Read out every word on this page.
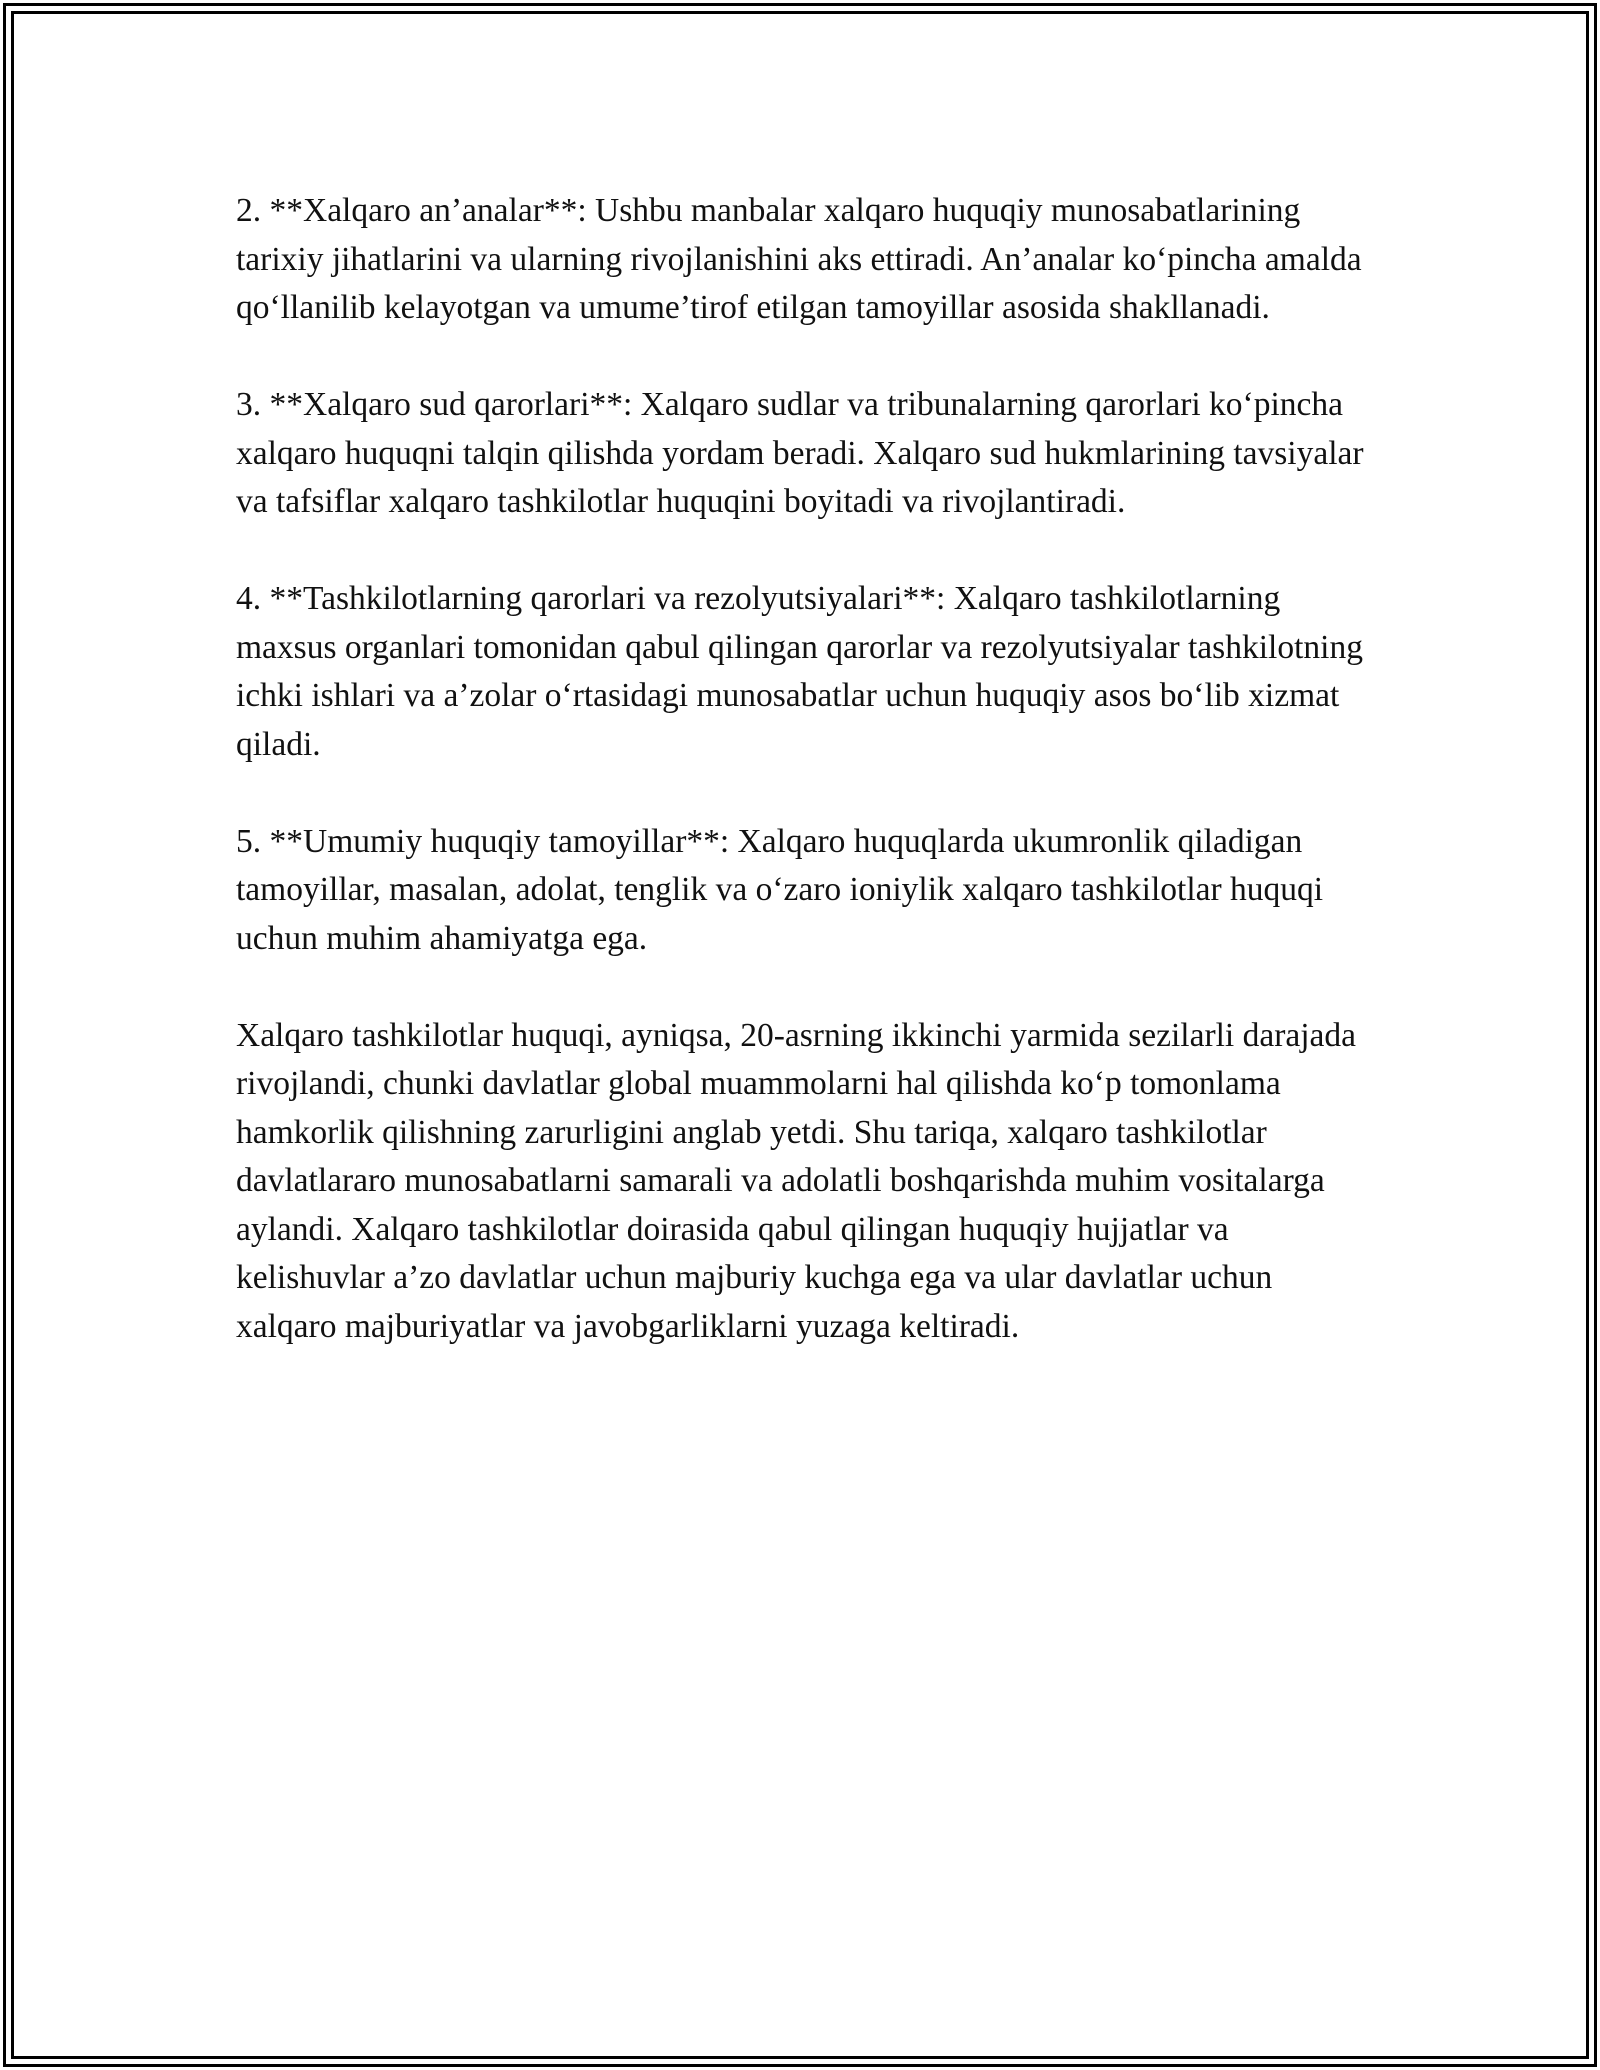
2. **Xalqaro an’analar**: Ushbu manbalar xalqaro huquqiy munosabatlarining tarixiy jihatlarini va ularning rivojlanishini aks ettiradi. An’analar ko‘pincha amalda qo‘llanilib kelayotgan va umume’tirof etilgan tamoyillar asosida shakllanadi.

3. **Xalqaro sud qarorlari**: Xalqaro sudlar va tribunalarning qarorlari ko‘pincha xalqaro huquqni talqin qilishda yordam beradi. Xalqaro sud hukmlarining tavsiyalar va tafsiflar xalqaro tashkilotlar huquqini boyitadi va rivojlantiradi.

4. **Tashkilotlarning qarorlari va rezolyutsiyalari**: Xalqaro tashkilotlarning maxsus organlari tomonidan qabul qilingan qarorlar va rezolyutsiyalar tashkilotning ichki ishlari va a’zolar o‘rtasidagi munosabatlar uchun huquqiy asos bo‘lib xizmat qiladi.

5. **Umumiy huquqiy tamoyillar**: Xalqaro huquqlarda ukumronlik qiladigan tamoyillar, masalan, adolat, tenglik va o‘zaro ioniylik xalqaro tashkilotlar huquqi uchun muhim ahamiyatga ega.

Xalqaro tashkilotlar huquqi, ayniqsa, 20-asrning ikkinchi yarmida sezilarli darajada rivojlandi, chunki davlatlar global muammolarni hal qilishda ko‘p tomonlama hamkorlik qilishning zarurligini anglab yetdi. Shu tariqa, xalqaro tashkilotlar davlatlararo munosabatlarni samarali va adolatli boshqarishda muhim vositalarga aylandi. Xalqaro tashkilotlar doirasida qabul qilingan huquqiy hujjatlar va kelishuvlar a’zo davlatlar uchun majburiy kuchga ega va ular davlatlar uchun xalqaro majburiyatlar va javobgarliklarni yuzaga keltiradi.
